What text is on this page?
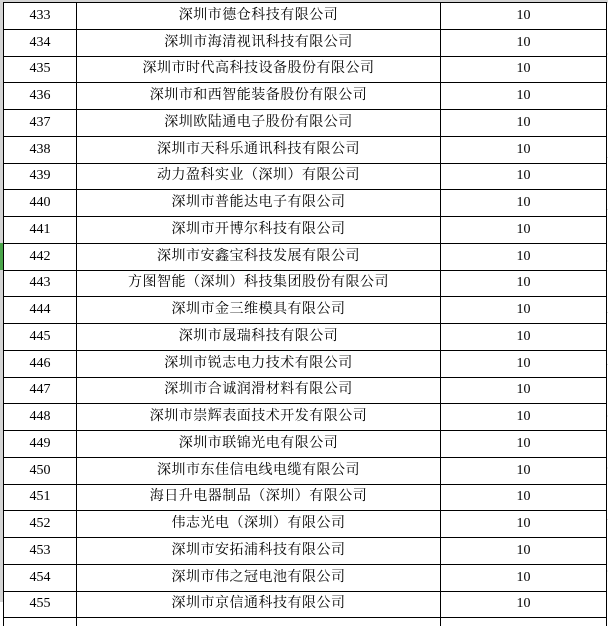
433	深圳市德仓科技有限公司	10
434	深圳市海清视讯科技有限公司	10
435	深圳市时代高科技设备股份有限公司	10
436	深圳市和西智能装备股份有限公司	10
437	深圳欧陆通电子股份有限公司	10
438	深圳市天科乐通讯科技有限公司	10
439	动力盈科实业（深圳）有限公司	10
440	深圳市普能达电子有限公司	10
441	深圳市开博尔科技有限公司	10
442	深圳市安鑫宝科技发展有限公司	10
443	方图智能（深圳）科技集团股份有限公司	10
444	深圳市金三维模具有限公司	10
445	深圳市晟瑞科技有限公司	10
446	深圳市锐志电力技术有限公司	10
447	深圳市合诚润滑材料有限公司	10
448	深圳市崇辉表面技术开发有限公司	10
449	深圳市联锦光电有限公司	10
450	深圳市东佳信电线电缆有限公司	10
451	海日升电器制品（深圳）有限公司	10
452	伟志光电（深圳）有限公司	10
453	深圳市安拓浦科技有限公司	10
454	深圳市伟之冠电池有限公司	10
455	深圳市京信通科技有限公司	10
